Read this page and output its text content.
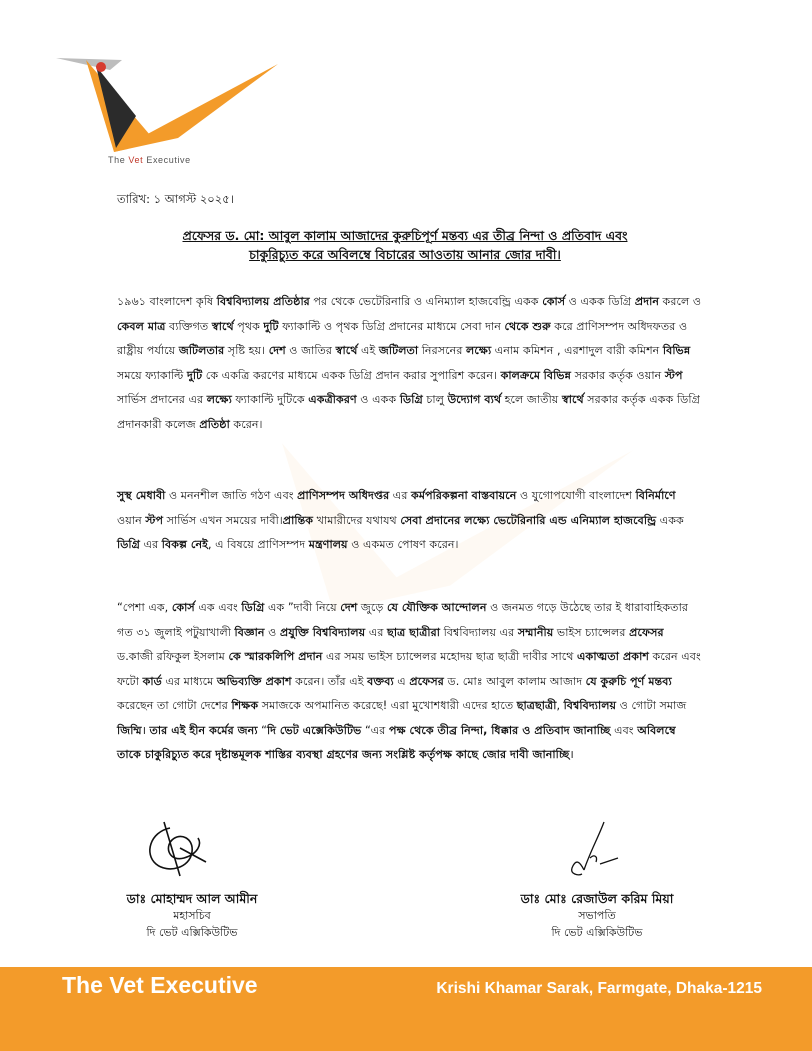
The Vet Executive
তারিখ: ১ আগস্ট ২০২৫।
প্রফেসর ড. মো: আবুল কালাম আজাদের কুরুচিপূর্ণ মন্তব্য এর তীব্র নিন্দা ও প্রতিবাদ এবং
চাকুরিচ্যুত করে অবিলম্বে বিচারের আওতায় আনার জোর দাবী।
১৯৬১ বাংলাদেশ কৃষি বিশ্ববিদ্যালয় প্রতিষ্ঠার পর থেকে ভেটেরিনারি ও এনিম্যাল হাজবেন্ড্রি একক কোর্স ও একক ডিগ্রি প্রদান করলে ও কেবল মাত্র ব্যক্তিগত স্বার্থে পৃথক দুটি ফ্যাকাল্টি ও পৃথক ডিগ্রি প্রদানের মাধ্যমে সেবা দান থেকে শুরু করে প্রাণিসম্পদ অধিদফতর ও রাষ্ট্রীয় পর্যায়ে জটিলতার সৃষ্টি হয়। দেশ ও জাতির স্বার্থে এই জটিলতা নিরসনের লক্ষ্যে এনাম কমিশন , এরশাদুল বারী কমিশন বিভিন্ন সময়ে ফ্যাকাল্টি দুটি কে একত্রি করণের মাধ্যমে একক ডিগ্রি প্রদান করার সুপারিশ করেন। কালক্রমে বিভিন্ন সরকার কর্তৃক ওয়ান স্টপ সার্ভিস প্রদানের এর লক্ষ্যে ফ্যাকাল্টি দুটিকে একত্রীকরণ ও একক ডিগ্রি চালু উদ্যোগ ব্যর্থ হলে জাতীয় স্বার্থে সরকার কর্তৃক একক ডিগ্রি প্রদানকারী কলেজ প্রতিষ্ঠা করেন।
সুস্থ মেধাবী ও মননশীল জাতি গঠণ এবং প্রাণিসম্পদ অধিদপ্তর এর কর্মপরিকল্পনা বাস্তবায়নে ও যুগোপযোগী বাংলাদেশ বিনির্মাণে ওয়ান স্টপ সার্ভিস এখন সময়ের দাবী।প্রান্তিক খামারীদের যথাযথ সেবা প্রদানের লক্ষ্যে ভেটেরিনারি এন্ড এনিম্যাল হাজবেন্ড্রি একক ডিগ্রি এর বিকল্প নেই, এ বিষয়ে প্রাণিসম্পদ মন্ত্রণালয় ও একমত পোষণ করেন।
“পেশা এক, কোর্স এক এবং ডিগ্রি এক ”দাবী নিয়ে দেশ জুড়ে যে যৌক্তিক আন্দোলন ও জনমত গড়ে উঠেছে তার ই ধারাবাহিকতার গত ৩১ জুলাই পটুয়াখালী বিজ্ঞান ও প্রযুক্তি বিশ্ববিদ্যালয় এর ছাত্র ছাত্রীরা বিশ্ববিদ্যালয় এর সম্মানীয় ভাইস চ্যান্সেলর প্রফেসর ড.কাজী রফিকুল ইসলাম কে স্মারকলিপি প্রদান এর সময় ভাইস চ্যান্সেলর মহোদয় ছাত্র ছাত্রী দাবীর সাথে একাত্মতা প্রকাশ করেন এবং ফটো কার্ড এর মাধ্যমে অভিব্যক্তি প্রকাশ করেন। তাঁর এই বক্তব্য এ প্রফেসর ড. মোঃ আবুল কালাম আজাদ যে কুরুচি পূর্ণ মন্তব্য করেছেন তা গোটা দেশের শিক্ষক সমাজকে অপমানিত করেছে! এরা মুখোশধারী এদের হাতে ছাত্রছাত্রী, বিশ্ববিদ্যালয় ও গোটা সমাজ জিম্মি। তার এই হীন কর্মের জন্য “দি ভেট এক্সেকিউটিভ “এর পক্ষ থেকে তীব্র নিন্দা, ধিক্কার ও প্রতিবাদ জানাচ্ছি এবং অবিলম্বে তাকে চাকুরিচ্যুত করে দৃষ্টান্তমূলক শাস্তির ব্যবস্থা গ্রহণের জন্য সংশ্লিষ্ট কর্তৃপক্ষ কাছে জোর দাবী জানাচ্ছি।
ডাঃ মোহাম্মদ আল আমীন
মহাসচিব
দি ভেট এক্সিকিউটিভ
ডাঃ মোঃ রেজাউল করিম মিয়া
সভাপতি
দি ভেট এক্সিকিউটিভ
The Vet Executive	Krishi Khamar Sarak, Farmgate, Dhaka-1215
